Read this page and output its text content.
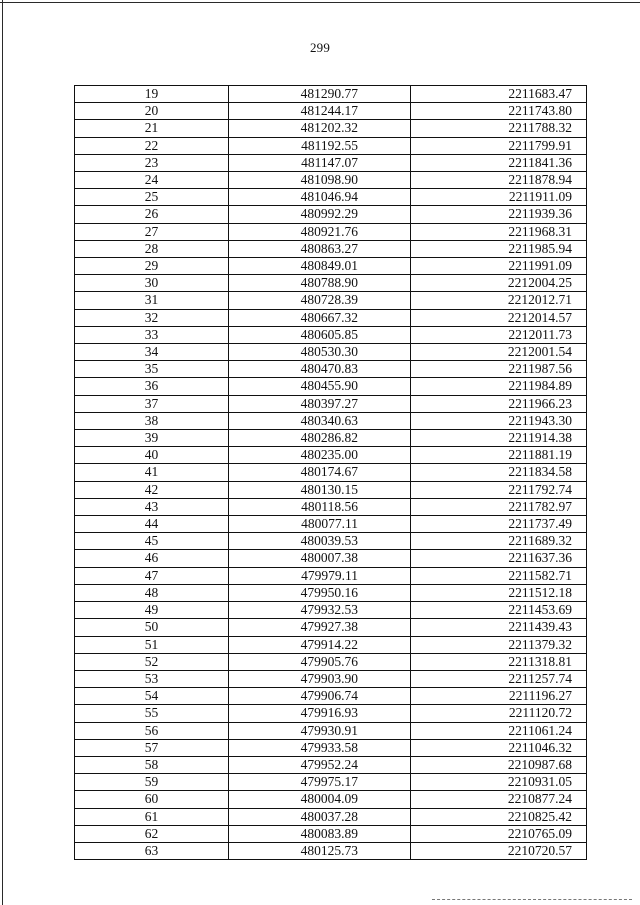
299
19	481290.77	2211683.47
20	481244.17	2211743.80
21	481202.32	2211788.32
22	481192.55	2211799.91
23	481147.07	2211841.36
24	481098.90	2211878.94
25	481046.94	2211911.09
26	480992.29	2211939.36
27	480921.76	2211968.31
28	480863.27	2211985.94
29	480849.01	2211991.09
30	480788.90	2212004.25
31	480728.39	2212012.71
32	480667.32	2212014.57
33	480605.85	2212011.73
34	480530.30	2212001.54
35	480470.83	2211987.56
36	480455.90	2211984.89
37	480397.27	2211966.23
38	480340.63	2211943.30
39	480286.82	2211914.38
40	480235.00	2211881.19
41	480174.67	2211834.58
42	480130.15	2211792.74
43	480118.56	2211782.97
44	480077.11	2211737.49
45	480039.53	2211689.32
46	480007.38	2211637.36
47	479979.11	2211582.71
48	479950.16	2211512.18
49	479932.53	2211453.69
50	479927.38	2211439.43
51	479914.22	2211379.32
52	479905.76	2211318.81
53	479903.90	2211257.74
54	479906.74	2211196.27
55	479916.93	2211120.72
56	479930.91	2211061.24
57	479933.58	2211046.32
58	479952.24	2210987.68
59	479975.17	2210931.05
60	480004.09	2210877.24
61	480037.28	2210825.42
62	480083.89	2210765.09
63	480125.73	2210720.57
